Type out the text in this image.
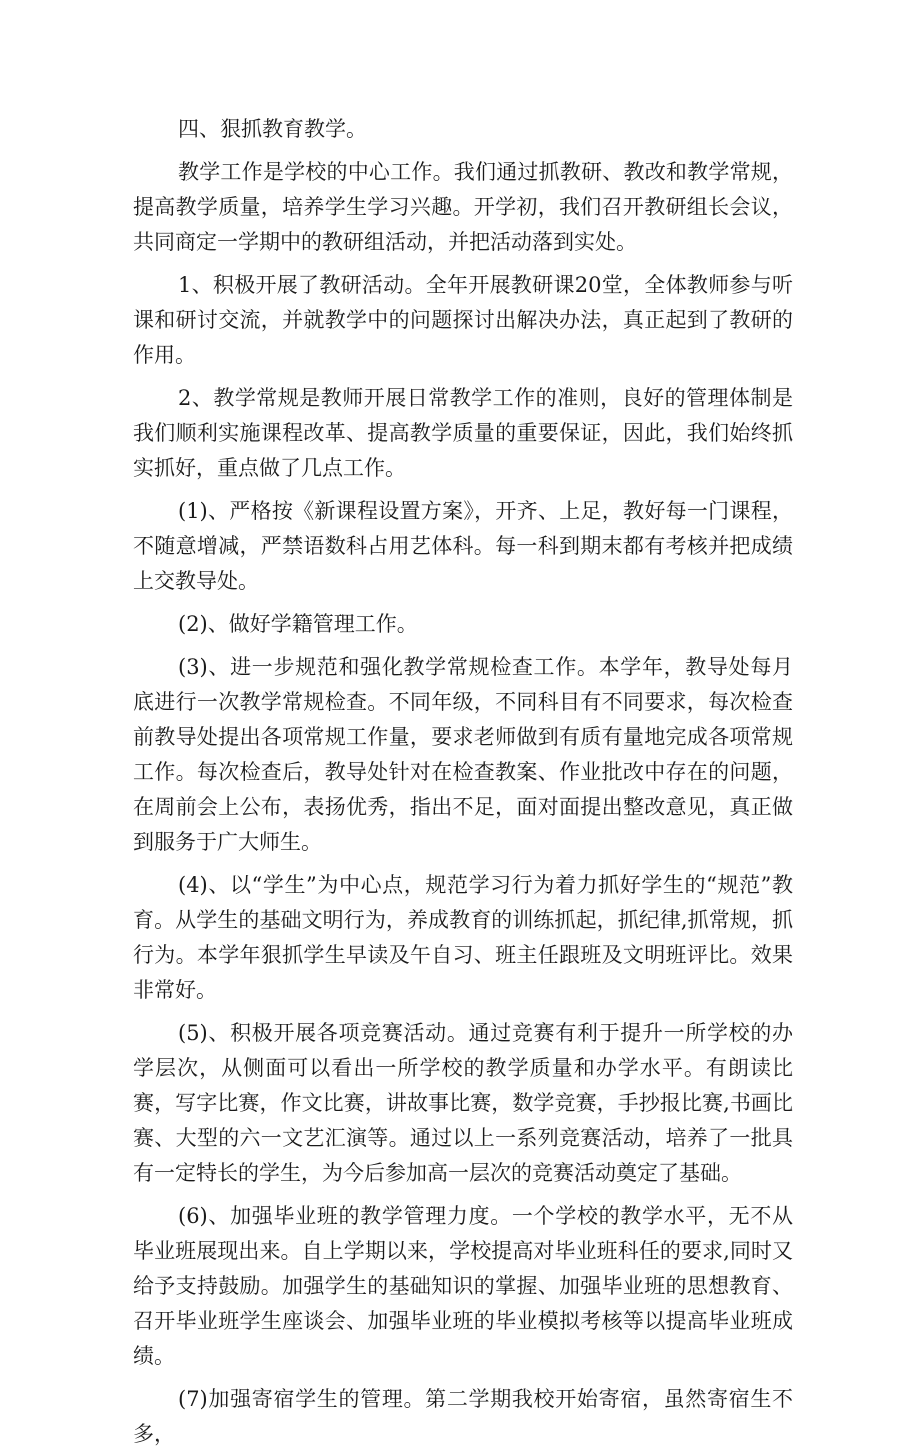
四、狠抓教育教学。

教学工作是学校的中心工作。我们通过抓教研、教改和教学常规，提高教学质量，培养学生学习兴趣。开学初，我们召开教研组长会议，共同商定一学期中的教研组活动，并把活动落到实处。

1、积极开展了教研活动。全年开展教研课20堂，全体教师参与听课和研讨交流，并就教学中的问题探讨出解决办法，真正起到了教研的作用。

2、教学常规是教师开展日常教学工作的准则，良好的管理体制是我们顺利实施课程改革、提高教学质量的重要保证，因此，我们始终抓实抓好，重点做了几点工作。

(1)、严格按《新课程设置方案》，开齐、上足，教好每一门课程，不随意增减，严禁语数科占用艺体科。每一科到期末都有考核并把成绩上交教导处。

(2)、做好学籍管理工作。

(3)、进一步规范和强化教学常规检查工作。本学年，教导处每月底进行一次教学常规检查。不同年级，不同科目有不同要求，每次检查前教导处提出各项常规工作量，要求老师做到有质有量地完成各项常规工作。每次检查后，教导处针对在检查教案、作业批改中存在的问题，在周前会上公布，表扬优秀，指出不足，面对面提出整改意见，真正做到服务于广大师生。

(4)、以“学生”为中心点，规范学习行为着力抓好学生的“规范”教育。从学生的基础文明行为，养成教育的训练抓起，抓纪律,抓常规，抓行为。本学年狠抓学生早读及午自习、班主任跟班及文明班评比。效果非常好。

(5)、积极开展各项竞赛活动。通过竞赛有利于提升一所学校的办学层次，从侧面可以看出一所学校的教学质量和办学水平。有朗读比赛，写字比赛，作文比赛，讲故事比赛，数学竞赛，手抄报比赛,书画比赛、大型的六一文艺汇演等。通过以上一系列竞赛活动，培养了一批具有一定特长的学生，为今后参加高一层次的竞赛活动奠定了基础。

(6)、加强毕业班的教学管理力度。一个学校的教学水平，无不从毕业班展现出来。自上学期以来，学校提高对毕业班科任的要求,同时又给予支持鼓励。加强学生的基础知识的掌握、加强毕业班的思想教育、召开毕业班学生座谈会、加强毕业班的毕业模拟考核等以提高毕业班成绩。

(7)加强寄宿学生的管理。第二学期我校开始寄宿，虽然寄宿生不多，
